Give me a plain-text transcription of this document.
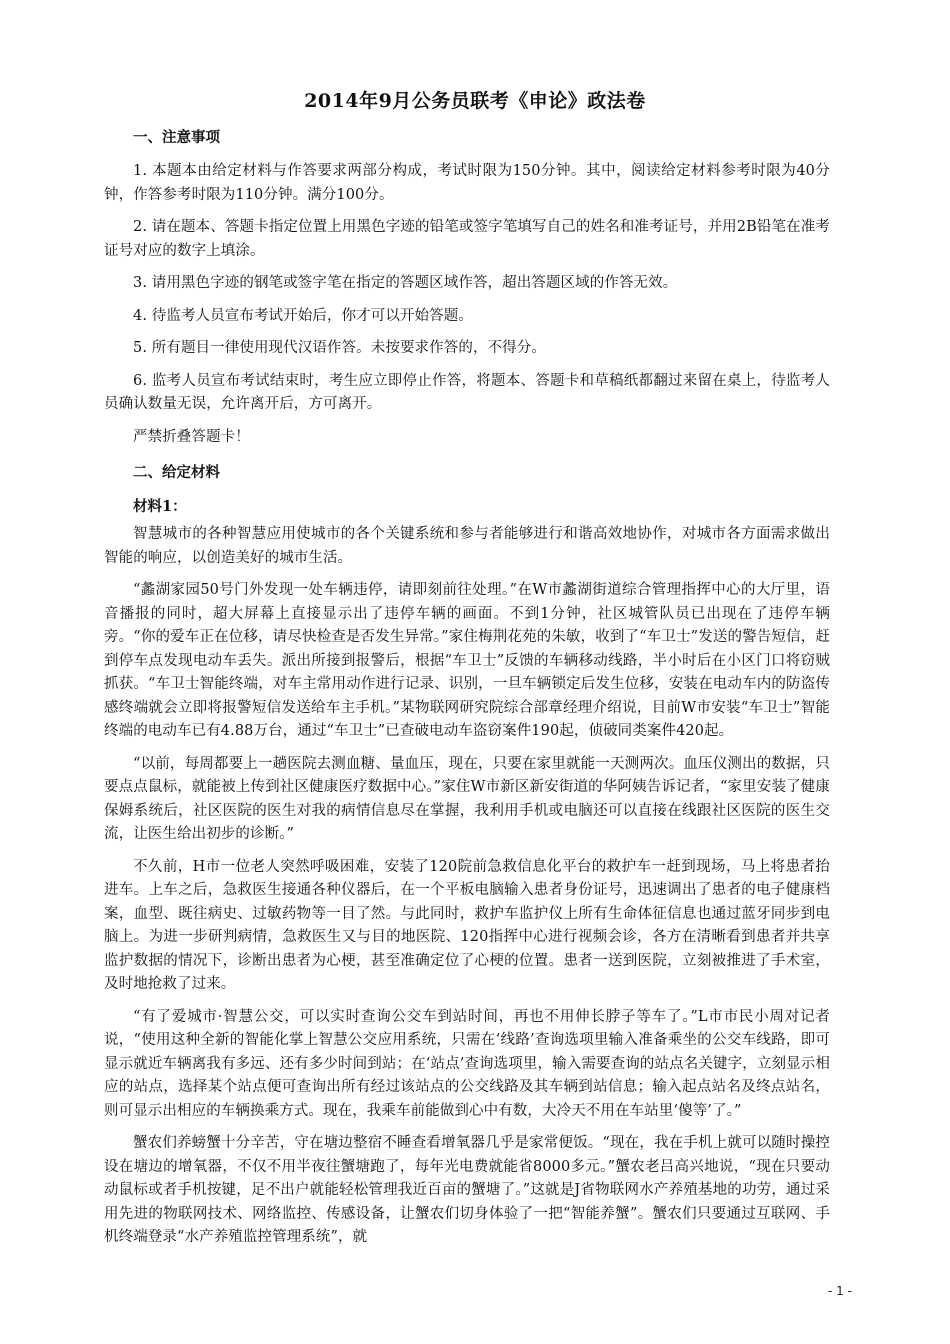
2014年9月公务员联考《申论》政法卷
一、注意事项
1. 本题本由给定材料与作答要求两部分构成，考试时限为150分钟。其中，阅读给定材料参考时限为40分钟，作答参考时限为110分钟。满分100分。
2. 请在题本、答题卡指定位置上用黑色字迹的铅笔或签字笔填写自己的姓名和准考证号，并用2B铅笔在准考证号对应的数字上填涂。
3. 请用黑色字迹的钢笔或签字笔在指定的答题区域作答，超出答题区域的作答无效。
4. 待监考人员宣布考试开始后，你才可以开始答题。
5. 所有题目一律使用现代汉语作答。未按要求作答的，不得分。
6. 监考人员宣布考试结束时，考生应立即停止作答，将题本、答题卡和草稿纸都翻过来留在桌上，待监考人员确认数量无误，允许离开后，方可离开。
严禁折叠答题卡！
二、给定材料
材料1：
智慧城市的各种智慧应用使城市的各个关键系统和参与者能够进行和谐高效地协作，对城市各方面需求做出智能的响应，以创造美好的城市生活。
“蠡湖家园50号门外发现一处车辆违停，请即刻前往处理。”在W市蠡湖街道综合管理指挥中心的大厅里，语音播报的同时，超大屏幕上直接显示出了违停车辆的画面。不到1分钟，社区城管队员已出现在了违停车辆旁。“你的爱车正在位移，请尽快检查是否发生异常。”家住梅荆花苑的朱敏，收到了“车卫士”发送的警告短信，赶到停车点发现电动车丢失。派出所接到报警后，根据“车卫士”反馈的车辆移动线路，半小时后在小区门口将窃贼抓获。“车卫士智能终端，对车主常用动作进行记录、识别，一旦车辆锁定后发生位移，安装在电动车内的防盗传感终端就会立即将报警短信发送给车主手机。”某物联网研究院综合部章经理介绍说，目前W市安装“车卫士”智能终端的电动车已有4.88万台，通过“车卫士”已查破电动车盗窃案件190起，侦破同类案件420起。
“以前，每周都要上一趟医院去测血糖、量血压，现在，只要在家里就能一天测两次。血压仪测出的数据，只要点点鼠标，就能被上传到社区健康医疗数据中心。”家住W市新区新安街道的华阿姨告诉记者，“家里安装了健康保姆系统后，社区医院的医生对我的病情信息尽在掌握，我利用手机或电脑还可以直接在线跟社区医院的医生交流，让医生给出初步的诊断。”
不久前，H市一位老人突然呼吸困难，安装了120院前急救信息化平台的救护车一赶到现场，马上将患者抬进车。上车之后，急救医生接通各种仪器后，在一个平板电脑输入患者身份证号，迅速调出了患者的电子健康档案，血型、既往病史、过敏药物等一目了然。与此同时，救护车监护仪上所有生命体征信息也通过蓝牙同步到电脑上。为进一步研判病情，急救医生又与目的地医院、120指挥中心进行视频会诊，各方在清晰看到患者并共享监护数据的情况下，诊断出患者为心梗，甚至准确定位了心梗的位置。患者一送到医院，立刻被推进了手术室，及时地抢救了过来。
“有了爱城市·智慧公交，可以实时查询公交车到站时间，再也不用伸长脖子等车了。”L市市民小周对记者说，“使用这种全新的智能化掌上智慧公交应用系统，只需在‘线路’查询选项里输入准备乘坐的公交车线路，即可显示就近车辆离我有多远、还有多少时间到站；在‘站点’查询选项里，输入需要查询的站点名关键字，立刻显示相应的站点，选择某个站点便可查询出所有经过该站点的公交线路及其车辆到站信息；输入起点站名及终点站名，则可显示出相应的车辆换乘方式。现在，我乘车前能做到心中有数，大冷天不用在车站里‘傻等’了。”
蟹农们养螃蟹十分辛苦，守在塘边整宿不睡查看增氧器几乎是家常便饭。“现在，我在手机上就可以随时操控设在塘边的增氧器，不仅不用半夜往蟹塘跑了，每年光电费就能省8000多元。”蟹农老吕高兴地说，“现在只要动动鼠标或者手机按键，足不出户就能轻松管理我近百亩的蟹塘了。”这就是J省物联网水产养殖基地的功劳，通过采用先进的物联网技术、网络监控、传感设备，让蟹农们切身体验了一把“智能养蟹”。蟹农们只要通过互联网、手机终端登录“水产养殖监控管理系统”，就
- 1 -
